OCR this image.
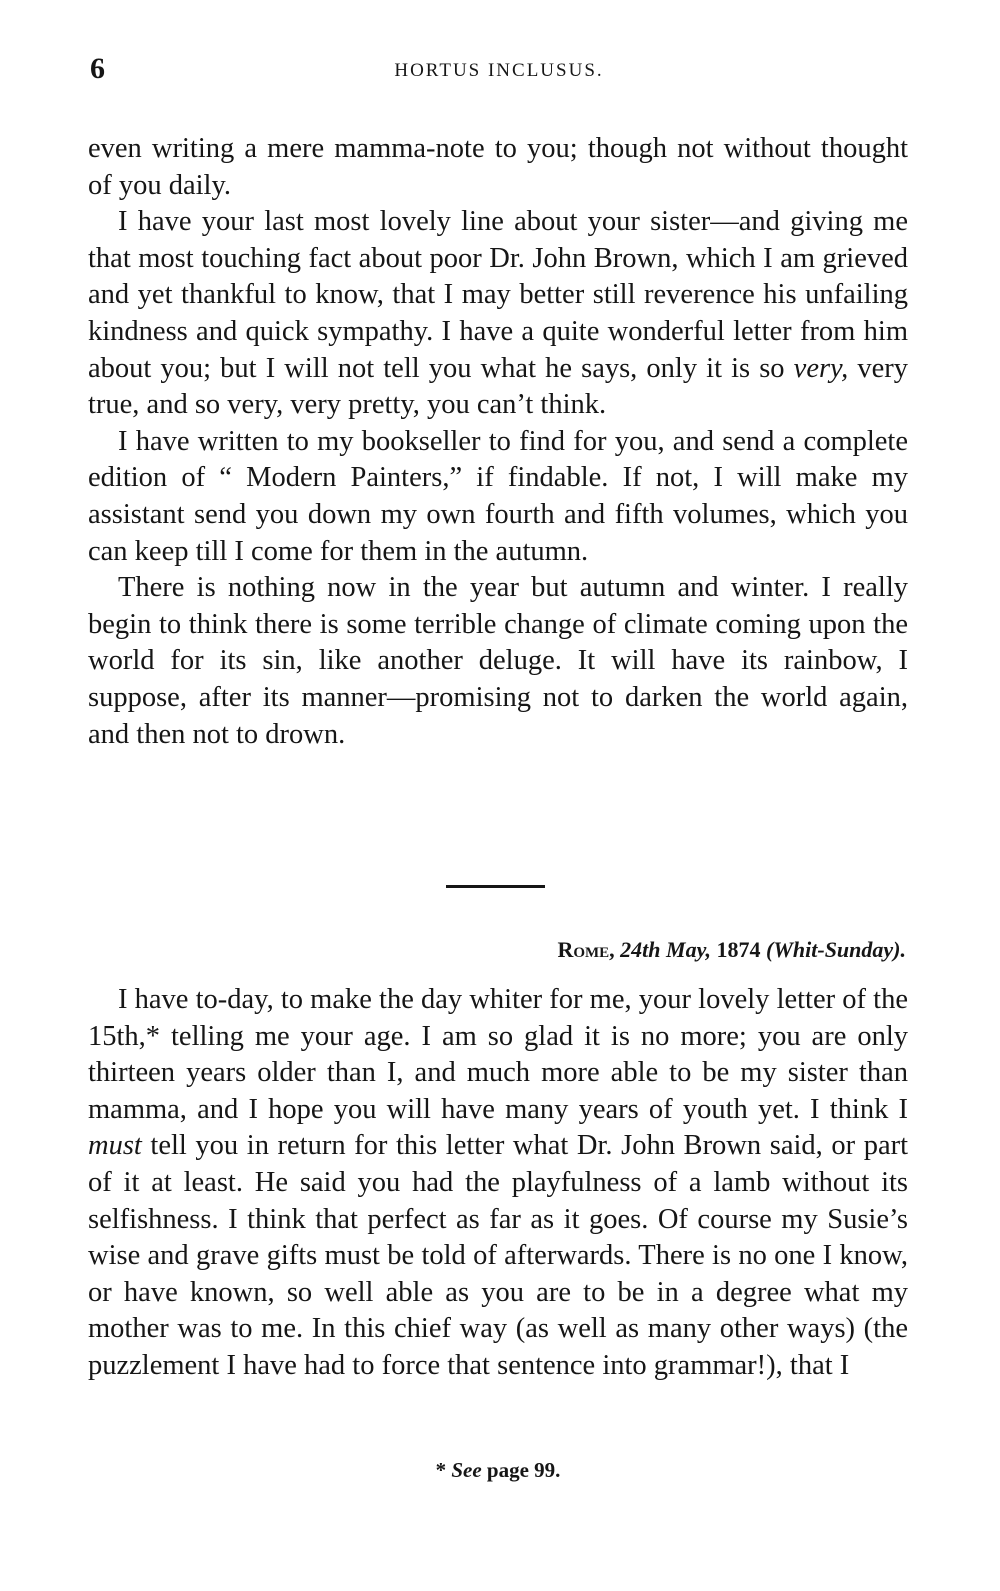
6	HORTUS INCLUSUS.

even writing a mere mamma-note to you; though not without thought of you daily.

I have your last most lovely line about your sister—and giving me that most touching fact about poor Dr. John Brown, which I am grieved and yet thankful to know, that I may better still reverence his unfailing kindness and quick sympathy. I have a quite wonderful letter from him about you; but I will not tell you what he says, only it is so very, very true, and so very, very pretty, you can’t think.

I have written to my bookseller to find for you, and send a complete edition of “ Modern Painters,” if findable. If not, I will make my assistant send you down my own fourth and fifth volumes, which you can keep till I come for them in the autumn.

There is nothing now in the year but autumn and winter. I really begin to think there is some terrible change of climate coming upon the world for its sin, like another deluge. It will have its rainbow, I suppose, after its manner—promising not to darken the world again, and then not to drown.

Rome, 24th May, 1874 (Whit-Sunday).

I have to-day, to make the day whiter for me, your lovely letter of the 15th,* telling me your age. I am so glad it is no more; you are only thirteen years older than I, and much more able to be my sister than mamma, and I hope you will have many years of youth yet. I think I must tell you in return for this letter what Dr. John Brown said, or part of it at least. He said you had the playfulness of a lamb without its selfishness. I think that perfect as far as it goes. Of course my Susie’s wise and grave gifts must be told of afterwards. There is no one I know, or have known, so well able as you are to be in a degree what my mother was to me. In this chief way (as well as many other ways) (the puzzlement I have had to force that sentence into grammar!), that I

* See page 99.
